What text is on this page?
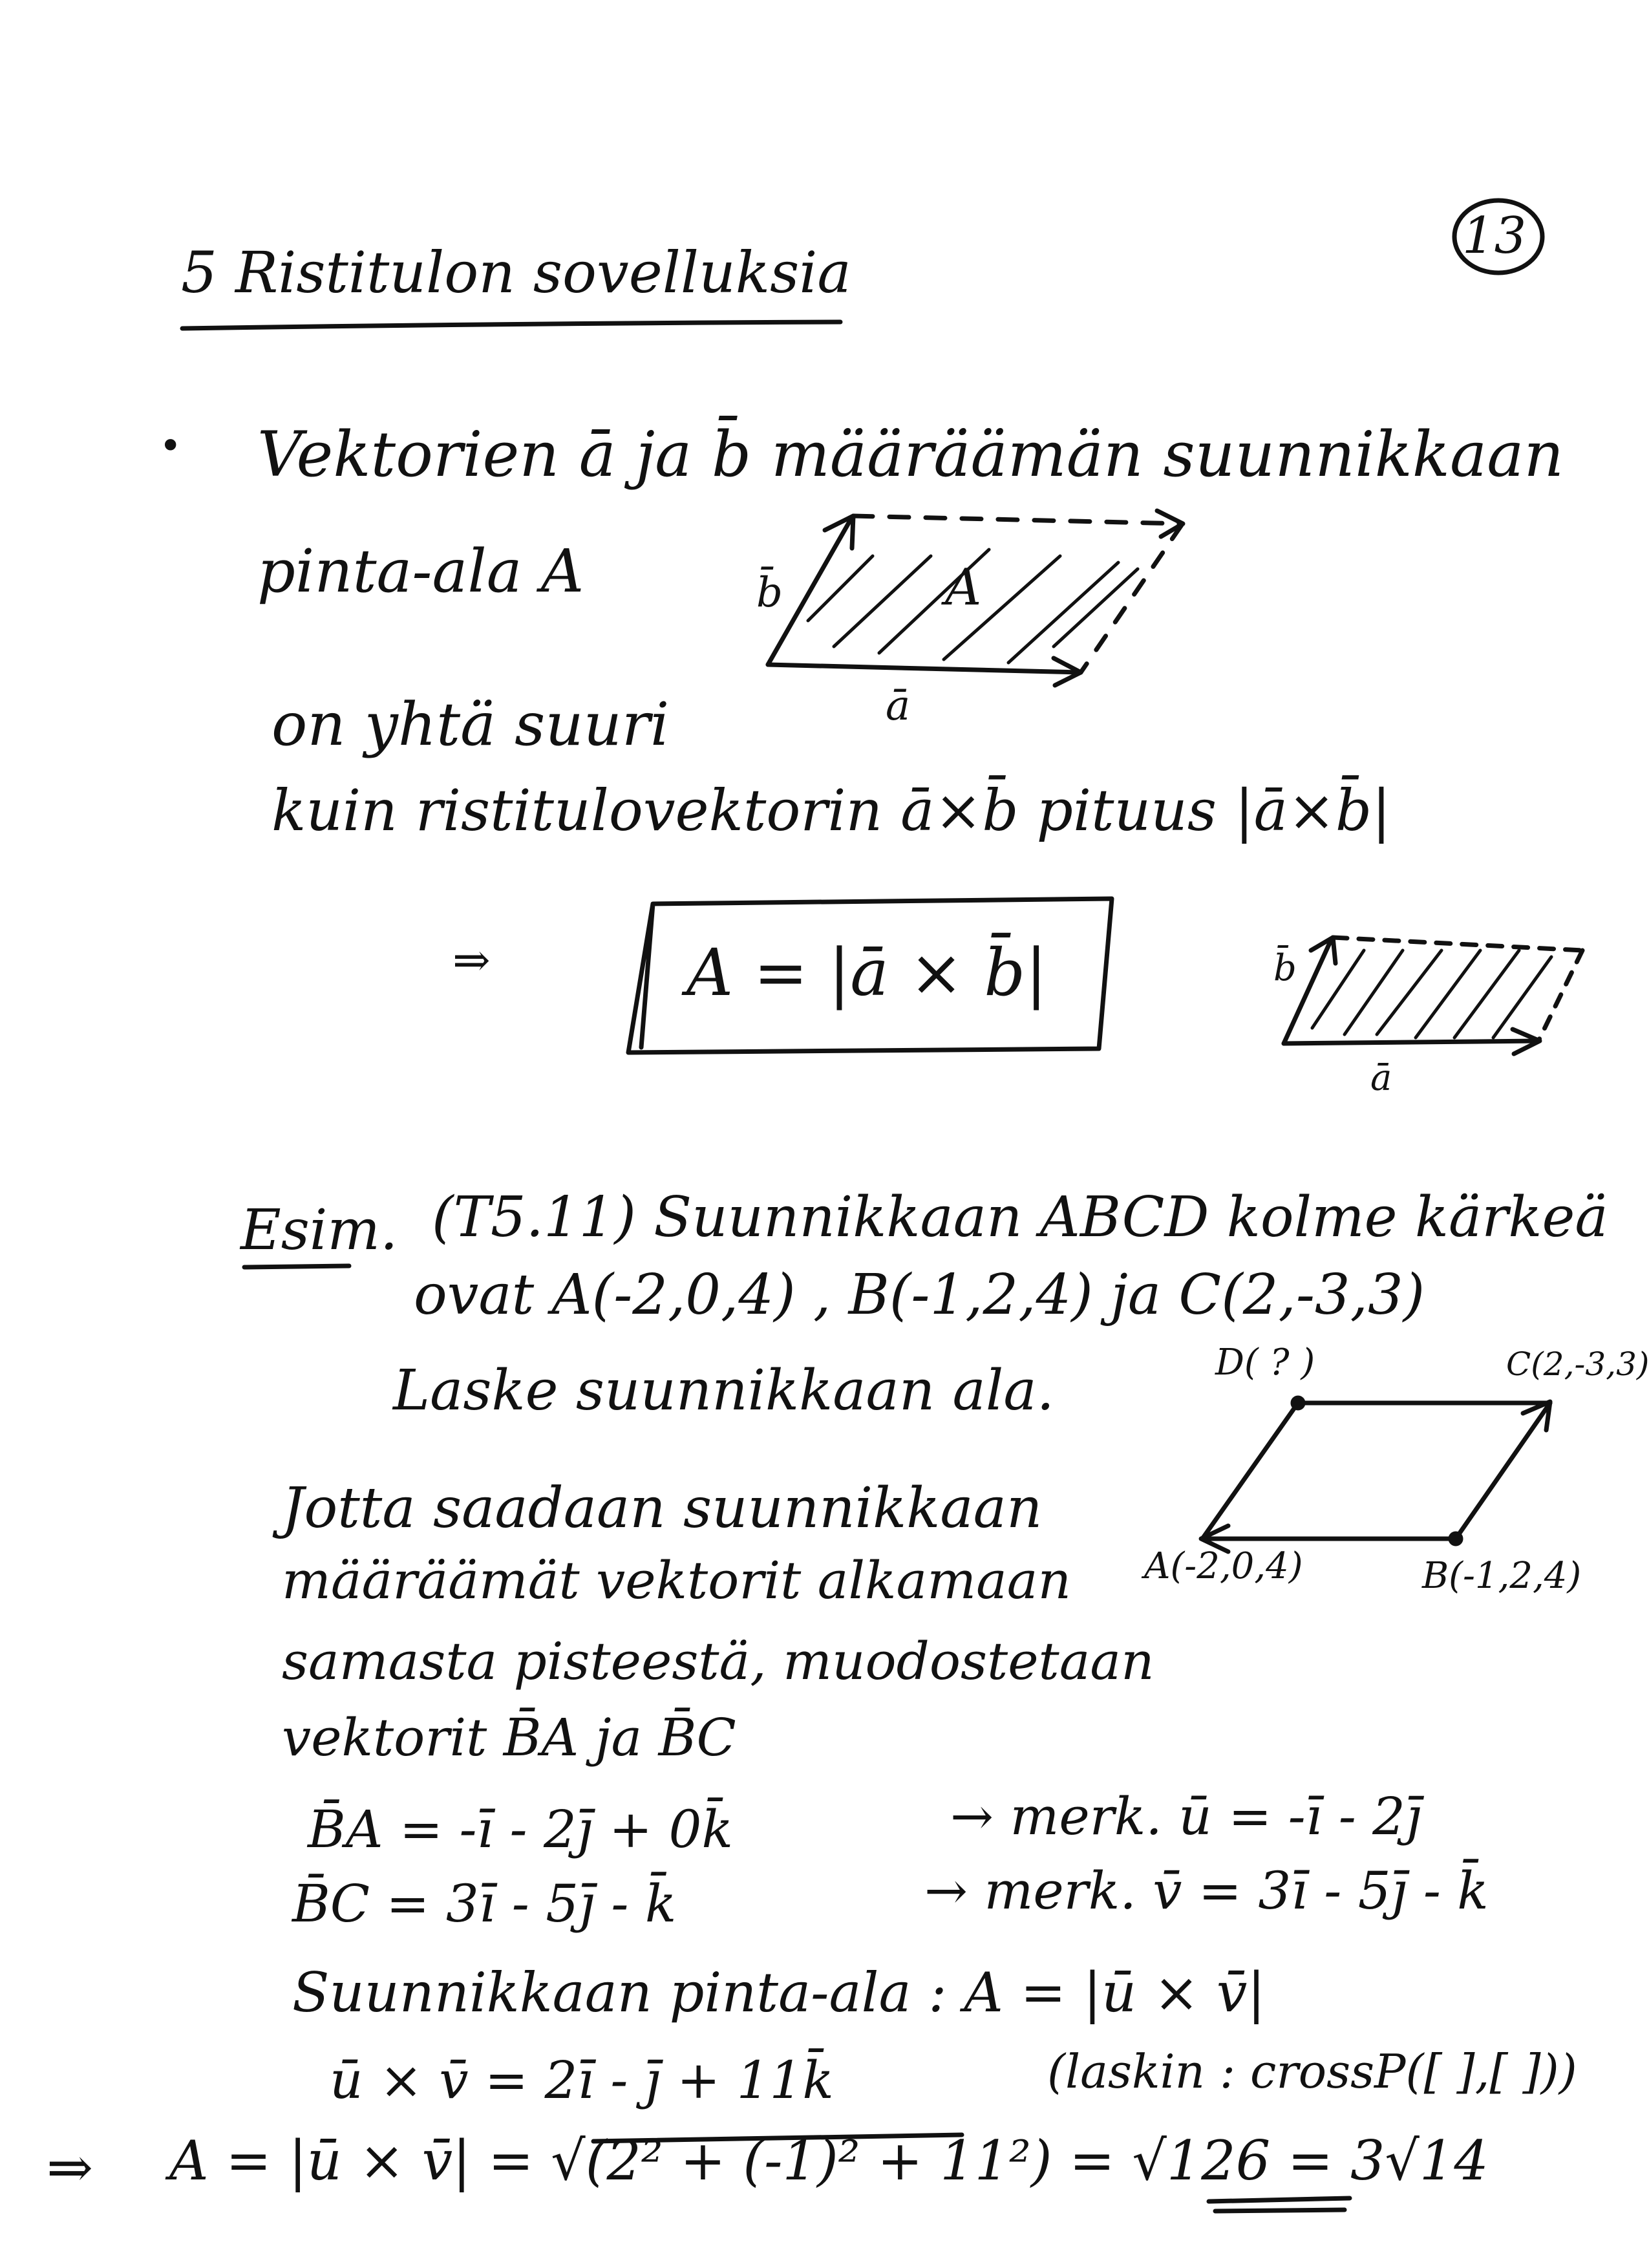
13
5 Ristitulon sovelluksia
• Vektorien ā ja b̄ määräämän suunnikkaan
pinta-ala A
on yhtä suuri
kuin ristitulovektorin ā×b̄ pituus |ā×b̄|
b̄	A
ā
⇒	A = |ā × b̄|	b̄
ā
Esim. (T5.11) Suunnikkaan ABCD kolme kärkeä
ovat A(-2,0,4) , B(-1,2,4) ja C(2,-3,3)
Laske suunnikkaan ala.	D( ? )	C(2,-3,3)
A(-2,0,4)	B(-1,2,4)
Jotta saadaan suunnikkaan
määräämät vektorit alkamaan
samasta pisteestä, muodostetaan
vektorit B̄A ja B̄C
B̄A = -ī - 2j̄ + 0k̄	→ merk. ū = -ī - 2j̄
B̄C = 3ī - 5j̄ - k̄	→ merk. v̄ = 3ī - 5j̄ - k̄
Suunnikkaan pinta-ala : A = |ū × v̄|
ū × v̄ = 2ī - j̄ + 11k̄	(laskin : crossP([ ],[ ]))
⇒ A = |ū × v̄| = √(2² + (-1)² + 11²) = √126 = 3√14
